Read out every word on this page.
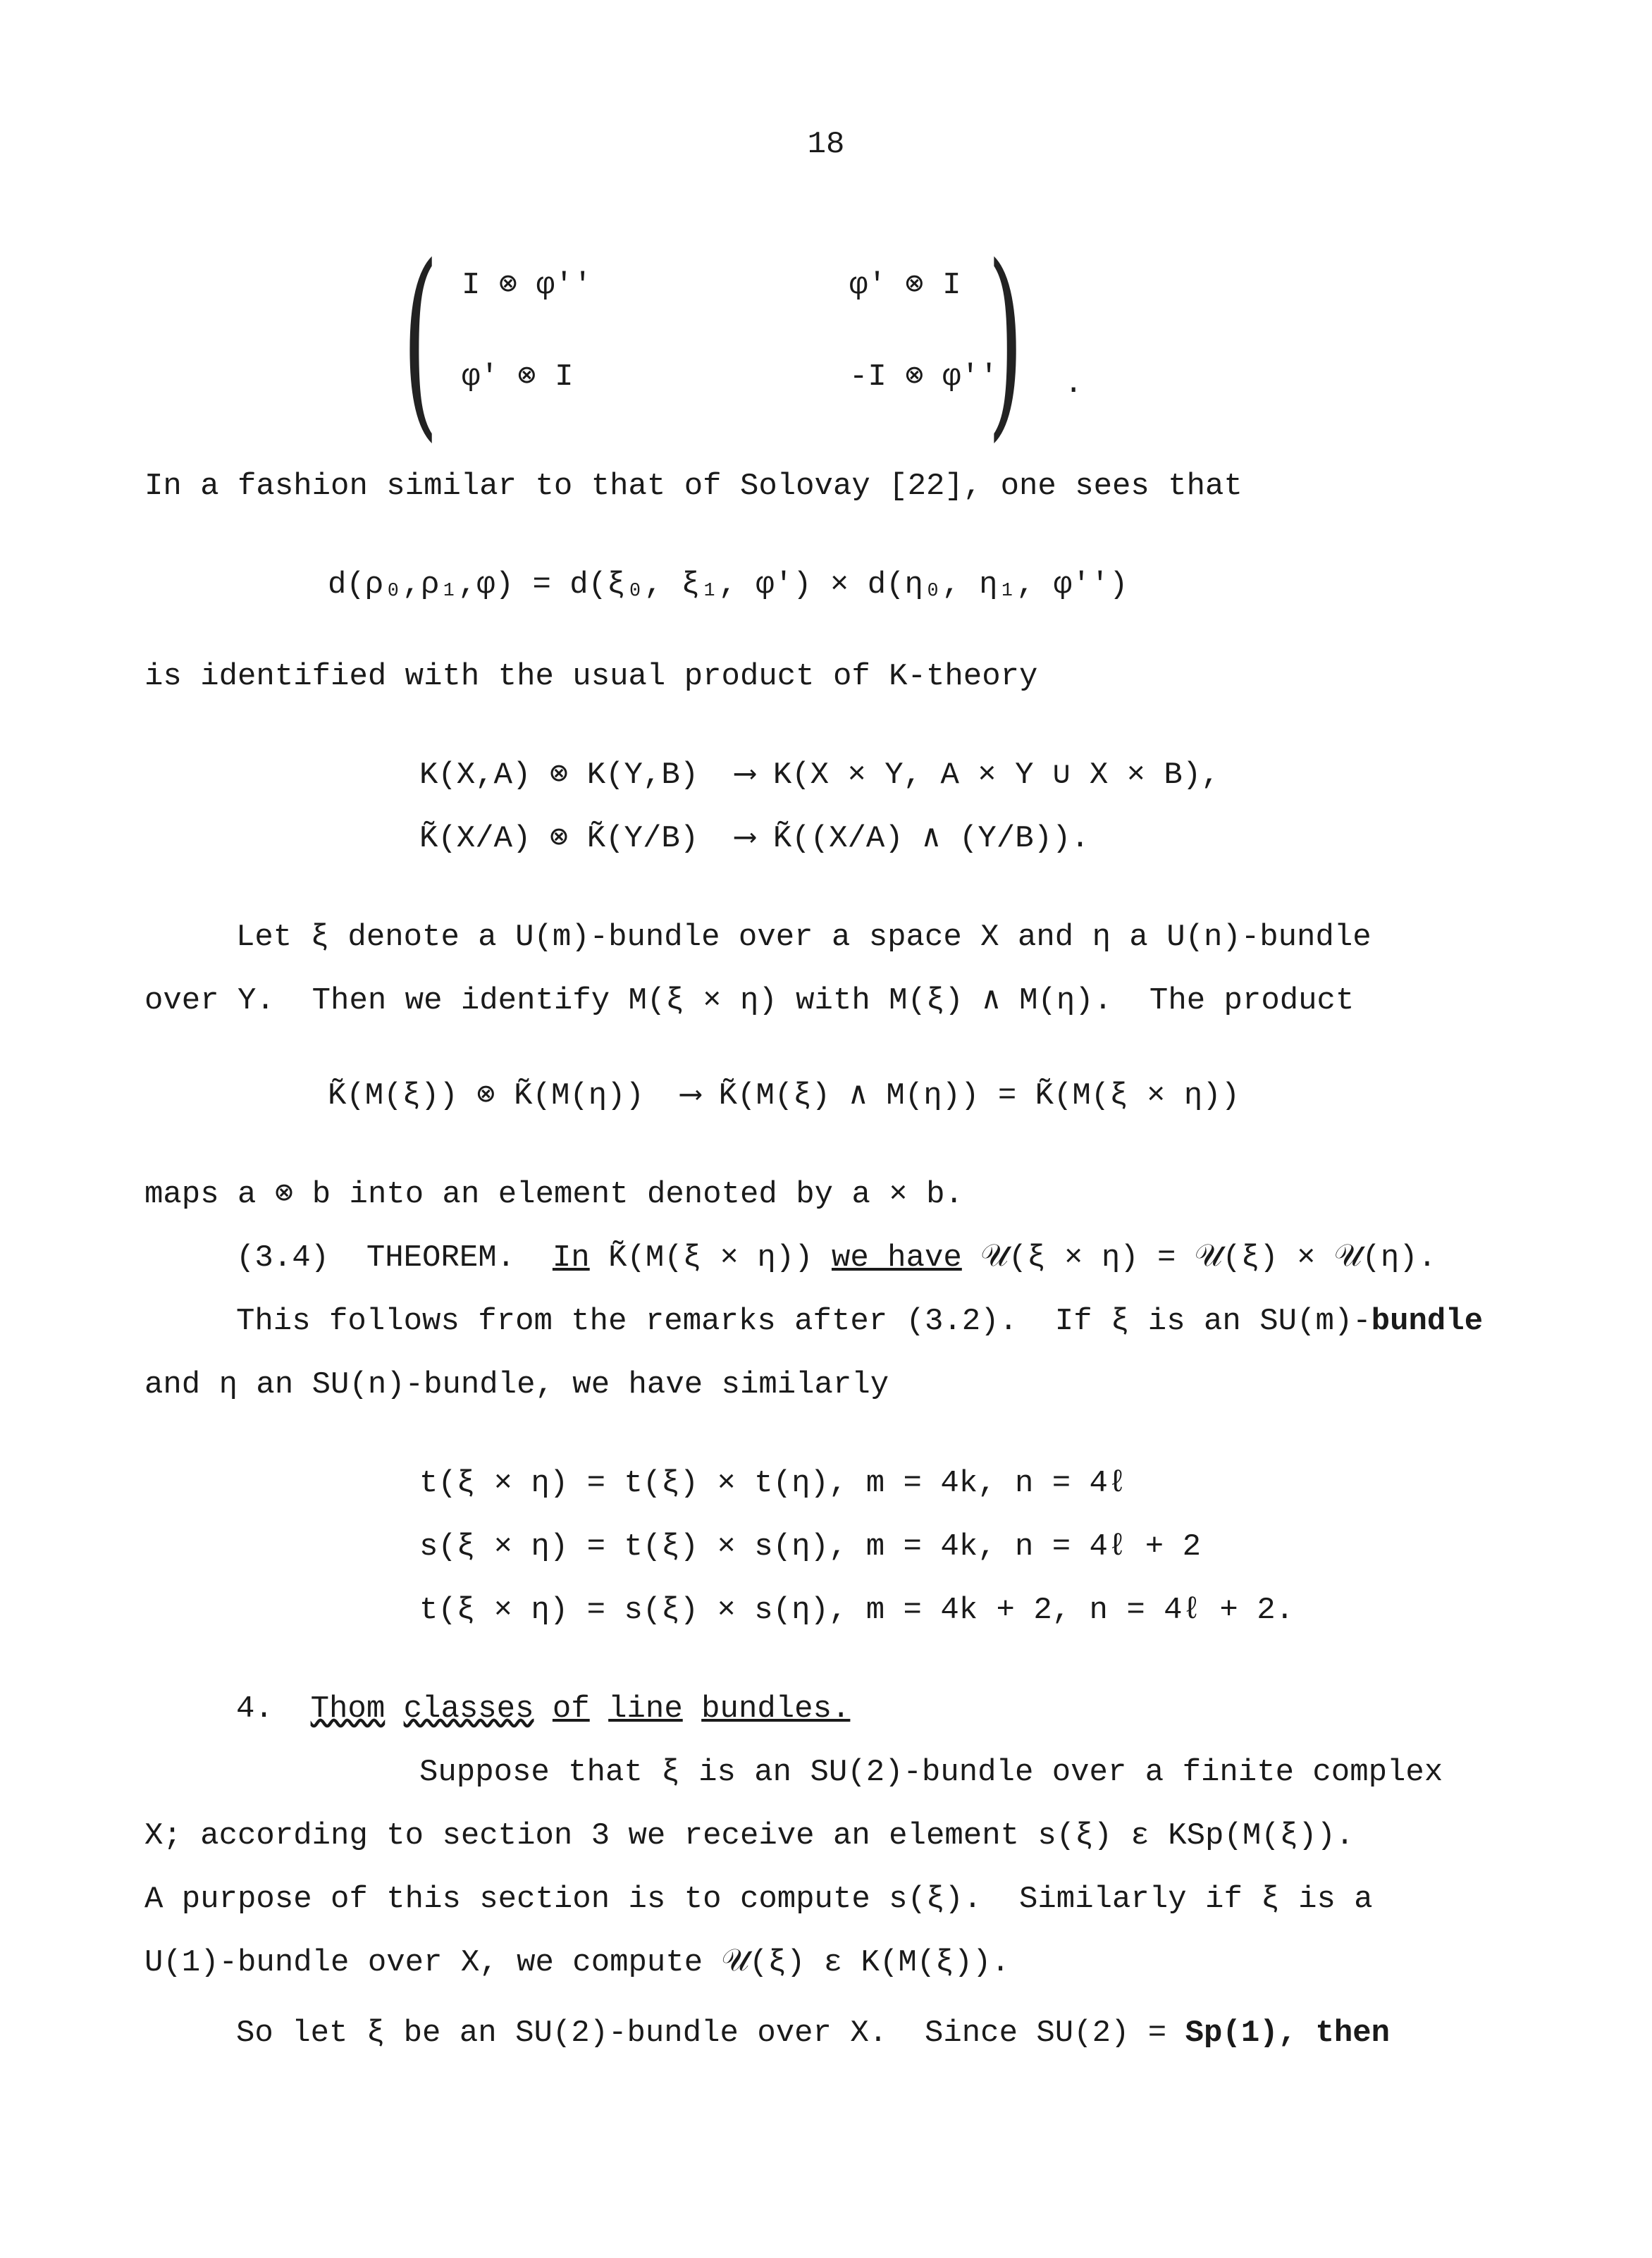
18
( I ⊗ φ''	φ' ⊗ I
φ' ⊗ I	-I ⊗ φ''
) .
In a fashion similar to that of Solovay [22], one sees that
d(ρ₀,ρ₁,φ) = d(ξ₀, ξ₁, φ') × d(η₀, η₁, φ'')
is identified with the usual product of K-theory
K(X,A) ⊗ K(Y,B)  ⟶ K(X × Y, A × Y ∪ X × B),
K̃(X/A) ⊗ K̃(Y/B)  ⟶ K̃((X/A) ∧ (Y/B)).
Let ξ denote a U(m)-bundle over a space X and η a U(n)-bundle
over Y.  Then we identify M(ξ × η) with M(ξ) ∧ M(η).  The product
K̃(M(ξ)) ⊗ K̃(M(η))  ⟶ K̃(M(ξ) ∧ M(η)) = K̃(M(ξ × η))
maps a ⊗ b into an element denoted by a × b.
(3.4) THEOREM. In K̃(M(ξ × η)) we have 𝒰(ξ × η) = 𝒰(ξ) × 𝒰(η).
This follows from the remarks after (3.2).  If ξ is an SU(m)-bundle
and η an SU(n)-bundle, we have similarly
t(ξ × η) = t(ξ) × t(η), m = 4k, n = 4ℓ
s(ξ × η) = t(ξ) × s(η), m = 4k, n = 4ℓ + 2
t(ξ × η) = s(ξ) × s(η), m = 4k + 2, n = 4ℓ + 2.
4. Thom classes of line bundles.
Suppose that ξ is an SU(2)-bundle over a finite complex
X; according to section 3 we receive an element s(ξ) ε KSp(M(ξ)).
A purpose of this section is to compute s(ξ).  Similarly if ξ is a
U(1)-bundle over X, we compute 𝒰(ξ) ε K(M(ξ)).
So let ξ be an SU(2)-bundle over X.  Since SU(2) = Sp(1), then
